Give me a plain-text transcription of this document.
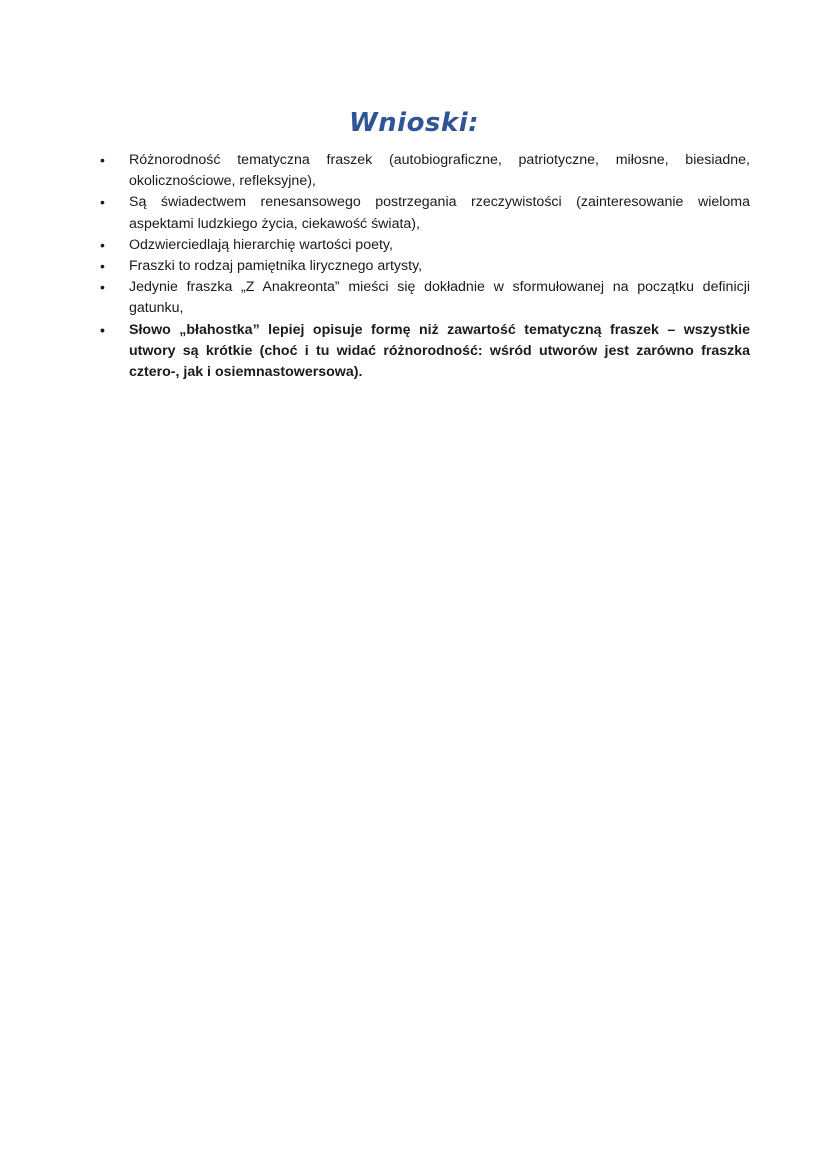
Wnioski:
•	Różnorodność tematyczna fraszek (autobiograficzne, patriotyczne, miłosne, biesiadne, okolicznościowe, refleksyjne),
•	Są świadectwem renesansowego postrzegania rzeczywistości (zainteresowanie wieloma aspektami ludzkiego życia, ciekawość świata),
•	Odzwierciedlają hierarchię wartości poety,
•	Fraszki to rodzaj pamiętnika lirycznego artysty,
•	Jedynie fraszka „Z Anakreonta” mieści się dokładnie w sformułowanej na początku definicji gatunku,
•	Słowo „błahostka” lepiej opisuje formę niż zawartość tematyczną fraszek – wszystkie utwory są krótkie (choć i tu widać różnorodność: wśród utworów jest zarówno fraszka cztero-, jak i osiemnastowersowa).
